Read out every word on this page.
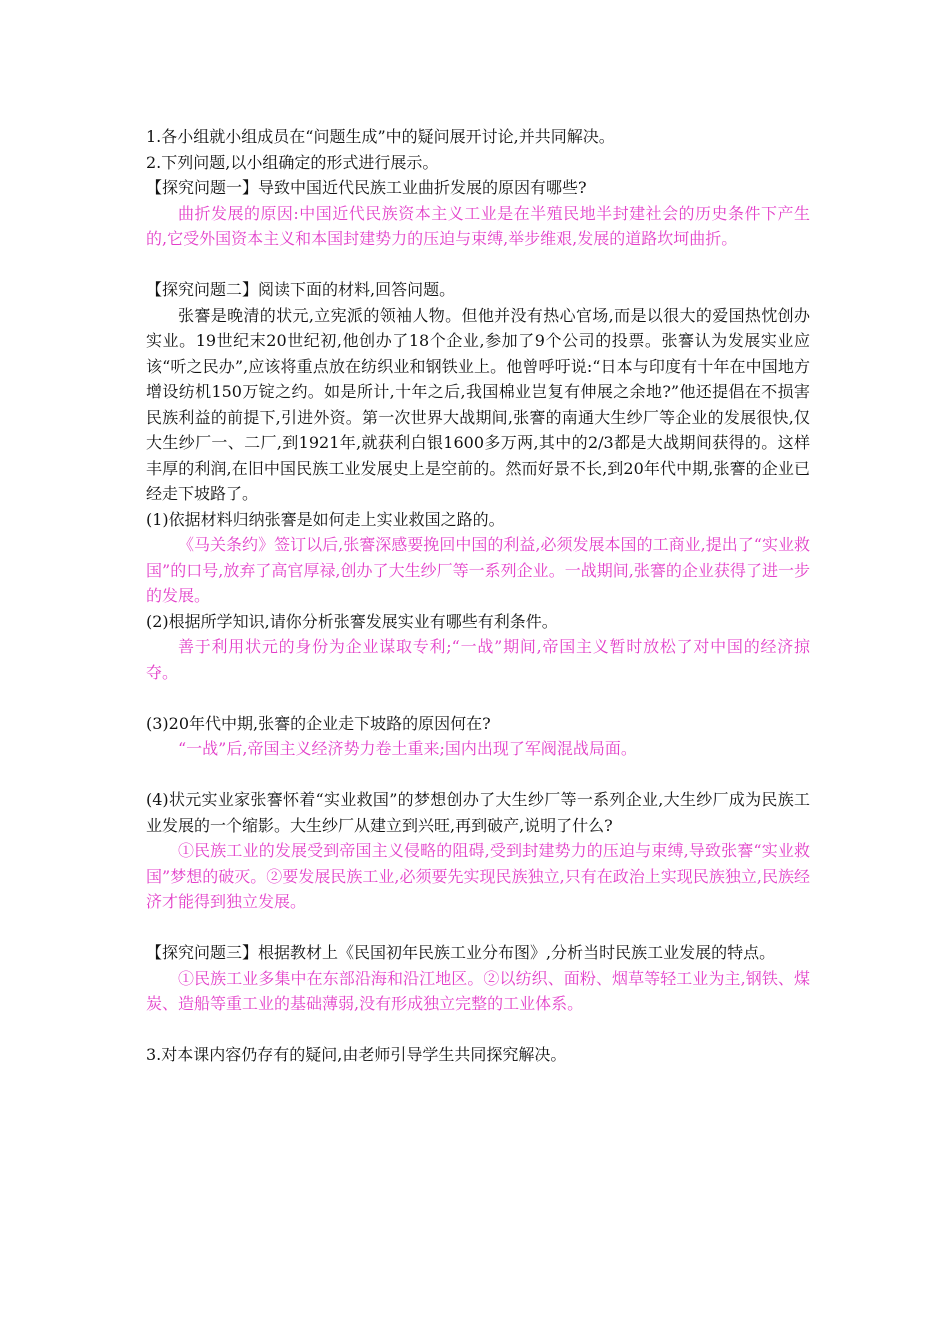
1.各小组就小组成员在“问题生成”中的疑问展开讨论,并共同解决。
2.下列问题,以小组确定的形式进行展示。
【探究问题一】导致中国近代民族工业曲折发展的原因有哪些?
曲折发展的原因:中国近代民族资本主义工业是在半殖民地半封建社会的历史条件下产生的,它受外国资本主义和本国封建势力的压迫与束缚,举步维艰,发展的道路坎坷曲折。
【探究问题二】阅读下面的材料,回答问题。
张謇是晚清的状元,立宪派的领袖人物。但他并没有热心官场,而是以很大的爱国热忱创办实业。19世纪末20世纪初,他创办了18个企业,参加了9个公司的投票。张謇认为发展实业应该“听之民办”,应该将重点放在纺织业和钢铁业上。他曾呼吁说:“日本与印度有十年在中国地方增设纺机150万锭之约。如是所计,十年之后,我国棉业岂复有伸展之余地?”他还提倡在不损害民族利益的前提下,引进外资。第一次世界大战期间,张謇的南通大生纱厂等企业的发展很快,仅大生纱厂一、二厂,到1921年,就获利白银1600多万两,其中的2/3都是大战期间获得的。这样丰厚的利润,在旧中国民族工业发展史上是空前的。然而好景不长,到20年代中期,张謇的企业已经走下坡路了。
(1)依据材料归纳张謇是如何走上实业救国之路的。
《马关条约》签订以后,张謇深感要挽回中国的利益,必须发展本国的工商业,提出了“实业救国”的口号,放弃了高官厚禄,创办了大生纱厂等一系列企业。一战期间,张謇的企业获得了进一步的发展。
(2)根据所学知识,请你分析张謇发展实业有哪些有利条件。
善于利用状元的身份为企业谋取专利;“一战”期间,帝国主义暂时放松了对中国的经济掠夺。
(3)20年代中期,张謇的企业走下坡路的原因何在?
“一战”后,帝国主义经济势力卷土重来;国内出现了军阀混战局面。
(4)状元实业家张謇怀着“实业救国”的梦想创办了大生纱厂等一系列企业,大生纱厂成为民族工业发展的一个缩影。大生纱厂从建立到兴旺,再到破产,说明了什么?
①民族工业的发展受到帝国主义侵略的阻碍,受到封建势力的压迫与束缚,导致张謇“实业救国”梦想的破灭。②要发展民族工业,必须要先实现民族独立,只有在政治上实现民族独立,民族经济才能得到独立发展。
【探究问题三】根据教材上《民国初年民族工业分布图》,分析当时民族工业发展的特点。
①民族工业多集中在东部沿海和沿江地区。②以纺织、面粉、烟草等轻工业为主,钢铁、煤炭、造船等重工业的基础薄弱,没有形成独立完整的工业体系。
3.对本课内容仍存有的疑问,由老师引导学生共同探究解决。
